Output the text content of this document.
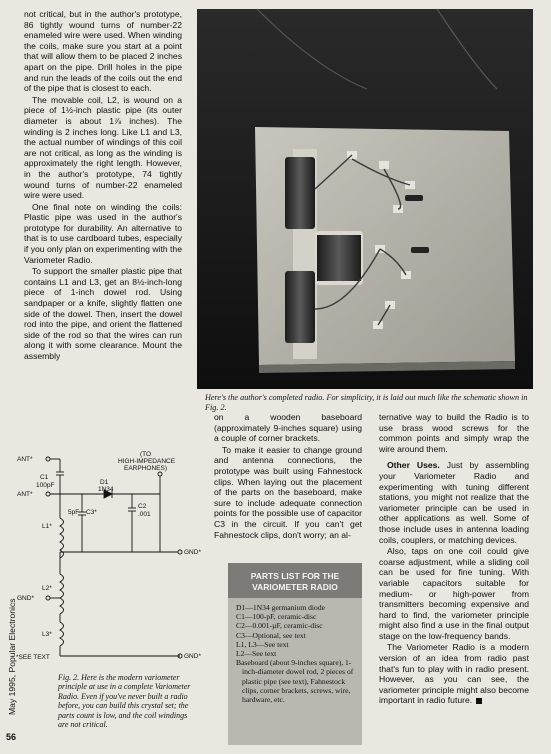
not critical, but in the author's prototype, 86 tightly wound turns of number-22 enameled wire were used. When winding the coils, make sure you start at a point that will allow them to be placed 2 inches apart on the pipe. Drill holes in the pipe and run the leads of the coils out the end of the pipe that is closest to each.

The movable coil, L2, is wound on a piece of 1½-inch plastic pipe (its outer diameter is about 1⅞ inches). The winding is 2 inches long. Like L1 and L3, the actual number of windings of this coil are not critical, as long as the winding is approximately the right length. However, in the author's prototype, 74 tightly wound turns of number-22 enameled wire were used.

One final note on winding the coils: Plastic pipe was used in the author's prototype for durability. An alternative to that is to use cardboard tubes, especially if you only plan on experimenting with the Variometer Radio.

To support the smaller plastic pipe that contains L1 and L3, get an 8½-inch-long piece of 1-inch dowel rod. Using sandpaper or a knife, slightly flatten one side of the dowel. Then, insert the dowel rod into the pipe, and orient the flattened side of the rod so that the wires can run along it with some clearance. Mount the assembly

Here's the author's completed radio. For simplicity, it is laid out much like the schematic shown in Fig. 2.
ANT*
C1
100pF
ANT*
D1
1N34
C2
.001
5pF C3*
(TO
HIGH-IMPEDANCE
EARPHONES)
L1*
GND*
L2*
GND*
L3*
*SEE TEXT	GND*
Fig. 2. Here is the modern variometer principle at use in a complete Variometer Radio. Even if you've never built a radio before, you can build this crystal set; the parts count is low, and the coil windings are not critical.

on a wooden baseboard (approximately 9-inches square) using a couple of corner brackets.

To make it easier to change ground and antenna connections, the prototype was built using Fahnestock clips. When laying out the placement of the parts on the baseboard, make sure to include adequate connection points for the possible use of capacitor C3 in the circuit. If you can't get Fahnestock clips, don't worry; an al-

PARTS LIST FOR THE VARIOMETER RADIO
D1—1N34 germanium diode
C1—100-pF, ceramic-disc
C2—0.001-µF, ceramic-disc
C3—Optional, see text
L1, L3—See text
L2—See text
Baseboard (about 9-inches square), 1-inch-diameter dowel rod, 2 pieces of plastic pipe (see text), Fahnestock clips, corner brackets, screws, wire, hardware, etc.

ternative way to build the Radio is to use brass wood screws for the common points and simply wrap the wire around them.

Other Uses. Just by assembling your Variometer Radio and experimenting with tuning different stations, you might not realize that the variometer principle can be used in other applications as well. Some of those include uses in antenna loading coils, couplers, or matching devices.

Also, taps on one coil could give coarse adjustment, while a sliding coil can be used for fine tuning. With variable capacitors suitable for medium- or high-power from transmitters becoming expensive and hard to find, the variometer principle might also find a use in the final output stage on the low-frequency bands.

The Variometer Radio is a modern version of an idea from radio past that's fun to play with in radio present. However, as you can see, the variometer principle might also become important in radio future.

May 1995, Popular Electronics
56
